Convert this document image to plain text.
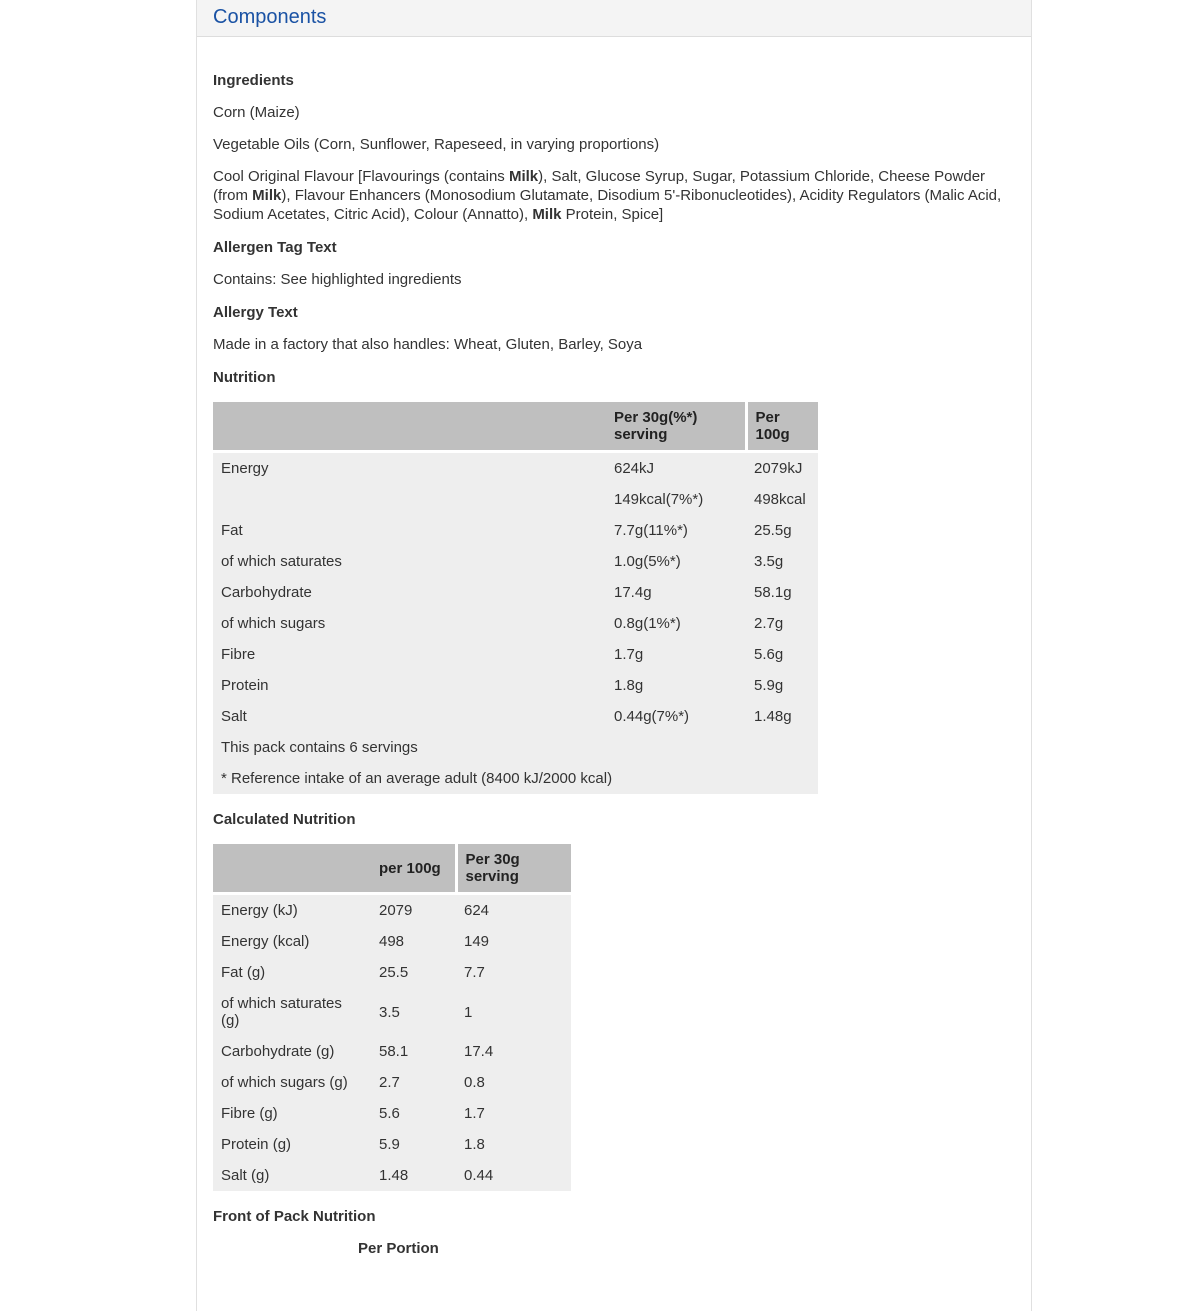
Components
Ingredients

Corn (Maize)

Vegetable Oils (Corn, Sunflower, Rapeseed, in varying proportions)

Cool Original Flavour [Flavourings (contains Milk), Salt, Glucose Syrup, Sugar, Potassium Chloride, Cheese Powder (from Milk), Flavour Enhancers (Monosodium Glutamate, Disodium 5'-Ribonucleotides), Acidity Regulators (Malic Acid, Sodium Acetates, Citric Acid), Colour (Annatto), Milk Protein, Spice]

Allergen Tag Text

Contains: See highlighted ingredients

Allergy Text

Made in a factory that also handles: Wheat, Gluten, Barley, Soya

Nutrition
	Per 30g(%*) serving	Per 100g
Energy	624kJ	2079kJ
	149kcal(7%*)	498kcal
Fat	7.7g(11%*)	25.5g
of which saturates	1.0g(5%*)	3.5g
Carbohydrate	17.4g	58.1g
of which sugars	0.8g(1%*)	2.7g
Fibre	1.7g	5.6g
Protein	1.8g	5.9g
Salt	0.44g(7%*)	1.48g
This pack contains 6 servings		
* Reference intake of an average adult (8400 kJ/2000 kcal)		
Calculated Nutrition
	per 100g	Per 30g serving
Energy (kJ)	2079	624
Energy (kcal)	498	149
Fat (g)	25.5	7.7
of which saturates (g)	3.5	1
Carbohydrate (g)	58.1	17.4
of which sugars (g)	2.7	0.8
Fibre (g)	5.6	1.7
Protein (g)	5.9	1.8
Salt (g)	1.48	0.44
Front of Pack Nutrition
Per Portion
